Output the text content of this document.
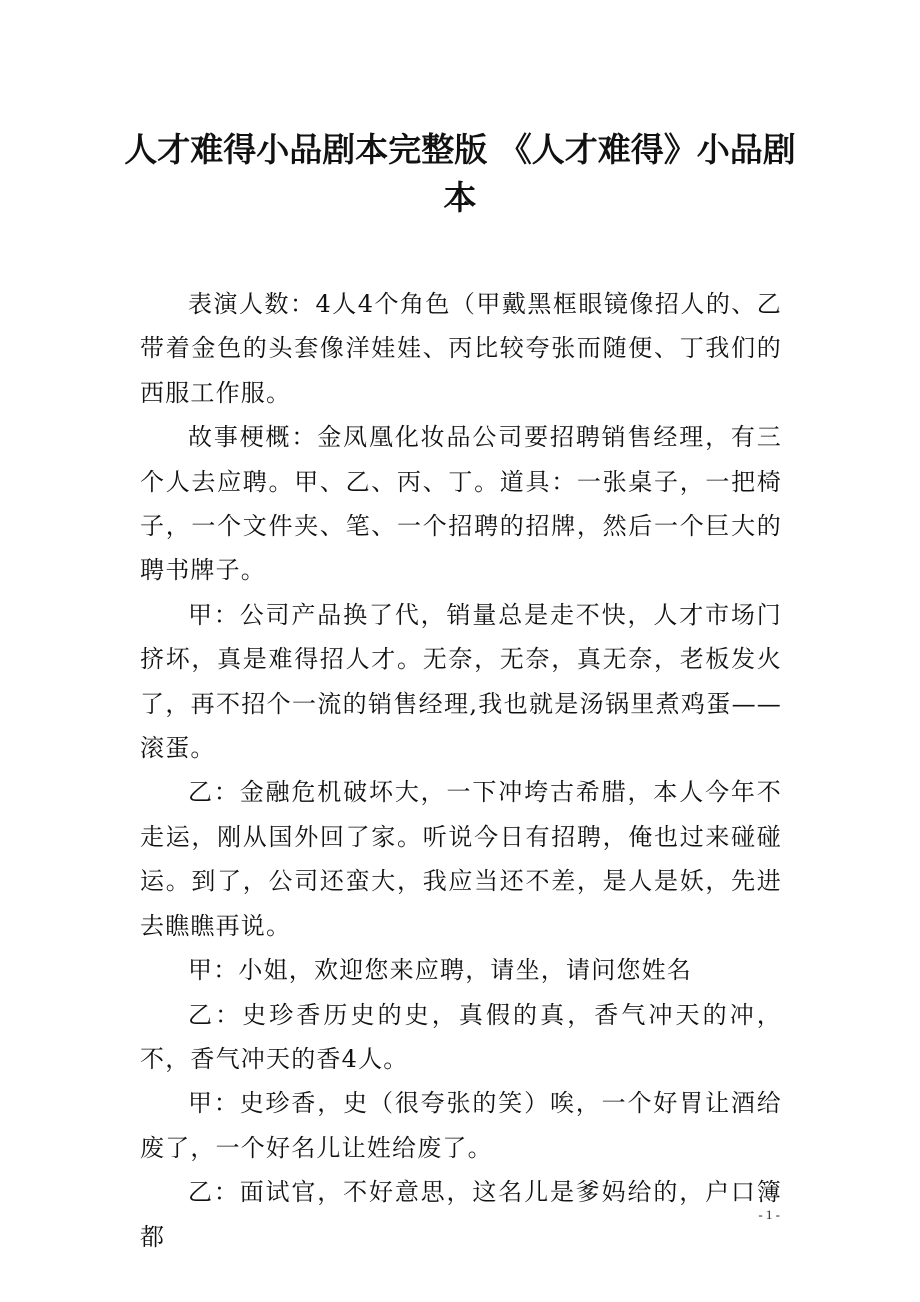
人才难得小品剧本完整版 《人才难得》小品剧本

表演人数：4人4个角色（甲戴黑框眼镜像招人的、乙带着金色的头套像洋娃娃、丙比较夸张而随便、丁我们的西服工作服。

故事梗概：金凤凰化妆品公司要招聘销售经理，有三个人去应聘。甲、乙、丙、丁。道具：一张桌子，一把椅子，一个文件夹、笔、一个招聘的招牌，然后一个巨大的聘书牌子。

甲：公司产品换了代，销量总是走不快，人才市场门挤坏，真是难得招人才。无奈，无奈，真无奈，老板发火了，再不招个一流的销售经理,我也就是汤锅里煮鸡蛋——滚蛋。

乙：金融危机破坏大，一下冲垮古希腊，本人今年不走运，刚从国外回了家。听说今日有招聘，俺也过来碰碰运。到了，公司还蛮大，我应当还不差，是人是妖，先进去瞧瞧再说。

甲：小姐，欢迎您来应聘，请坐，请问您姓名

乙：史珍香历史的史，真假的真，香气冲天的冲，不，香气冲天的香4人。

甲：史珍香，史（很夸张的笑）唉，一个好胃让酒给废了，一个好名儿让姓给废了。

乙：面试官，不好意思，这名儿是爹妈给的，户口簿都

- 1 -
